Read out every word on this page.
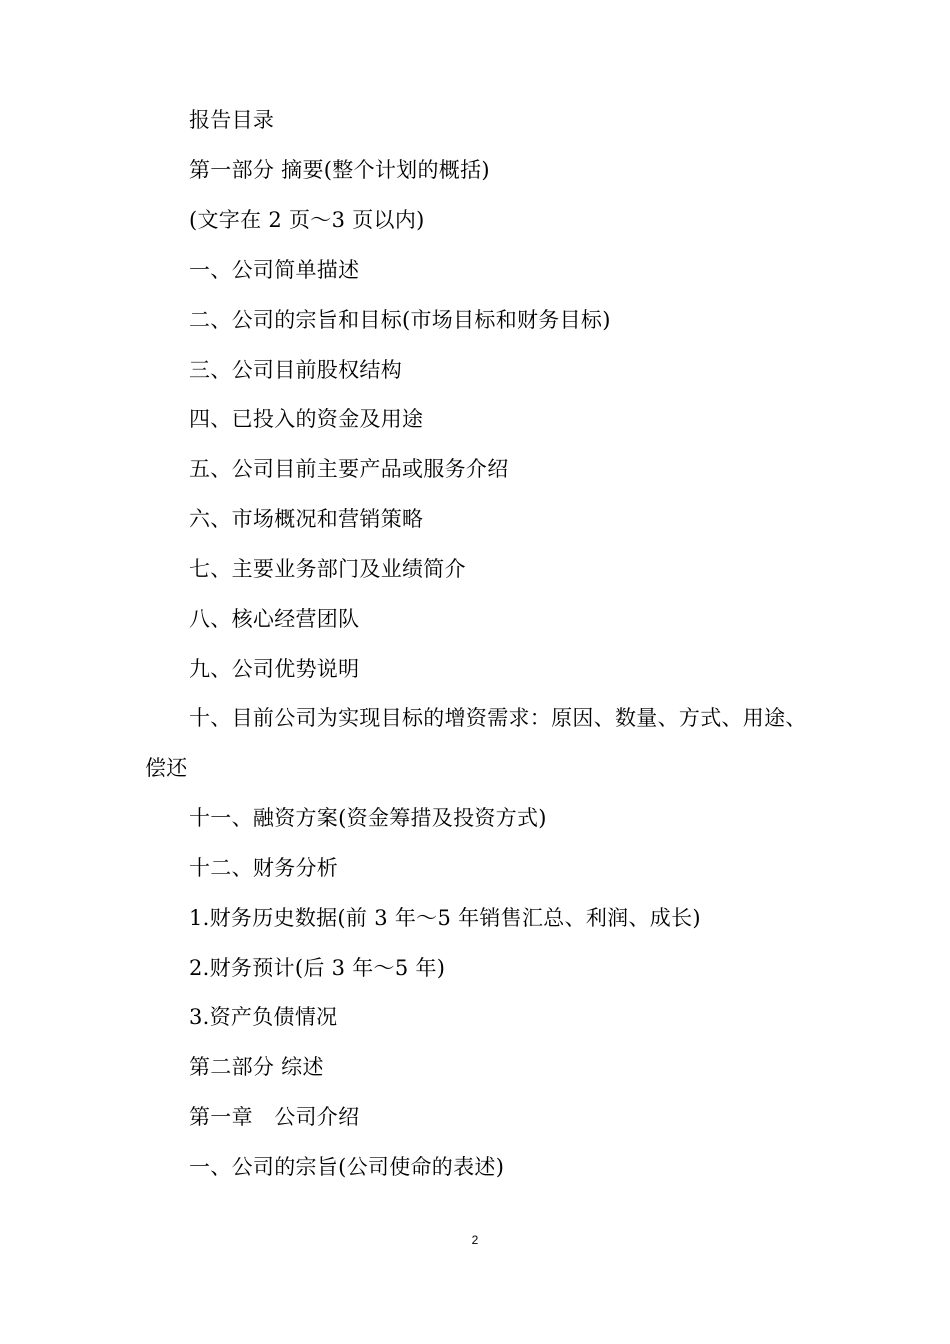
报告目录
第一部分 摘要(整个计划的概括)
(文字在 2 页～3 页以内)
一、公司简单描述
二、公司的宗旨和目标(市场目标和财务目标)
三、公司目前股权结构
四、已投入的资金及用途
五、公司目前主要产品或服务介绍
六、市场概况和营销策略
七、主要业务部门及业绩简介
八、核心经营团队
九、公司优势说明
十、目前公司为实现目标的增资需求：原因、数量、方式、用途、
偿还
十一、融资方案(资金筹措及投资方式)
十二、财务分析
1.财务历史数据(前 3 年～5 年销售汇总、利润、成长)
2.财务预计(后 3 年～5 年)
3.资产负债情况
第二部分 综述
第一章　公司介绍
一、公司的宗旨(公司使命的表述)
2
